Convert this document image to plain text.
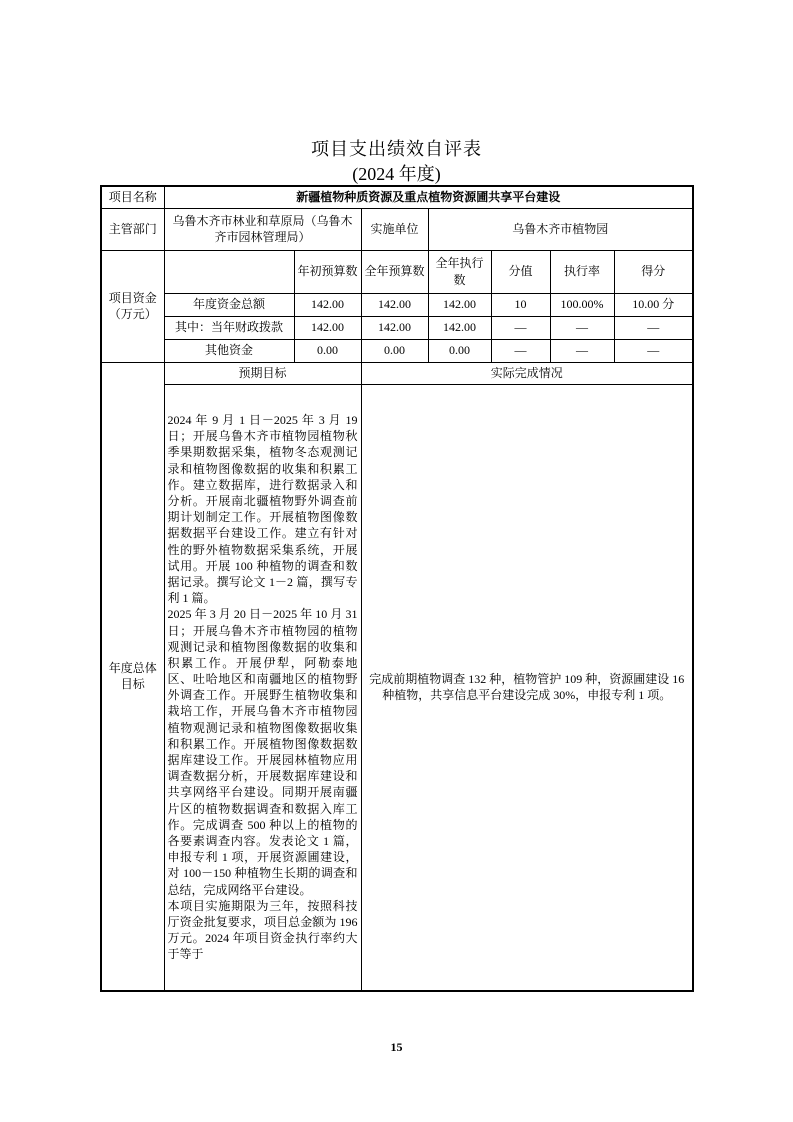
项目支出绩效自评表
(2024 年度)
项目名称	新疆植物种质资源及重点植物资源圃共享平台建设						
主管部门	乌鲁木齐市林业和草原局（乌鲁木齐市园林管理局）		实施单位	乌鲁木齐市植物园			
项目资金（万元）		年初预算数	全年预算数	全年执行数	分值	执行率	得分
	年度资金总额	142.00	142.00	142.00	10	100.00%	10.00 分
	其中：当年财政拨款	142.00	142.00	142.00	—	—	—
	其他资金	0.00	0.00	0.00	—	—	—
年度总体目标	预期目标		实际完成情况				

	2024 年 9 月 1 日－2025 年 3 月 19 日；开展乌鲁木齐市植物园植物秋季果期数据采集，植物冬态观测记录和植物图像数据的收集和积累工作。建立数据库，进行数据录入和分析。开展南北疆植物野外调查前期计划制定工作。开展植物图像数据数据平台建设工作。建立有针对性的野外植物数据采集系统，开展试用。开展 100 种植物的调查和数据记录。撰写论文 1－2 篇，撰写专利 1 篇。

2025 年 3 月 20 日－2025 年 10 月 31 日；开展乌鲁木齐市植物园的植物观测记录和植物图像数据的收集和积累工作。开展伊犁，阿勒泰地区、吐哈地区和南疆地区的植物野外调查工作。开展野生植物收集和栽培工作，开展乌鲁木齐市植物园植物观测记录和植物图像数据收集和积累工作。开展植物图像数据数据库建设工作。开展园林植物应用调查数据分析，开展数据库建设和共享网络平台建设。同期开展南疆片区的植物数据调查和数据入库工作。完成调查 500 种以上的植物的各要素调查内容。发表论文 1 篇，申报专利 1 项，开展资源圃建设，对 100－150 种植物生长期的调查和总结，完成网络平台建设。

本项目实施期限为三年，按照科技厅资金批复要求，项目总金额为 196 万元。2024 年项目资金执行率约大于等于		完成前期植物调查 132 种，植物管护 109 种，资源圃建设 16 种植物，共享信息平台建设完成 30%，申报专利 1 项。				
15
